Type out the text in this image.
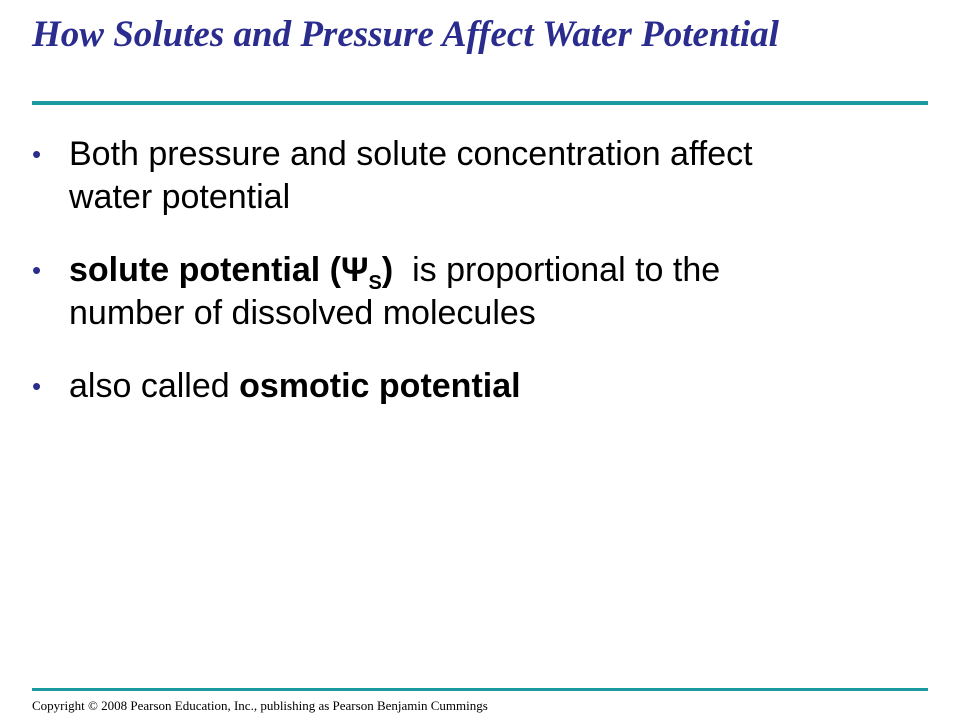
How Solutes and Pressure Affect Water Potential
• Both pressure and solute concentration affect
water potential
• solute potential $(\Psi_S)$  is proportional to the
number of dissolved molecules
• also called osmotic potential

Copyright © 2008 Pearson Education, Inc., publishing as Pearson Benjamin Cummings
